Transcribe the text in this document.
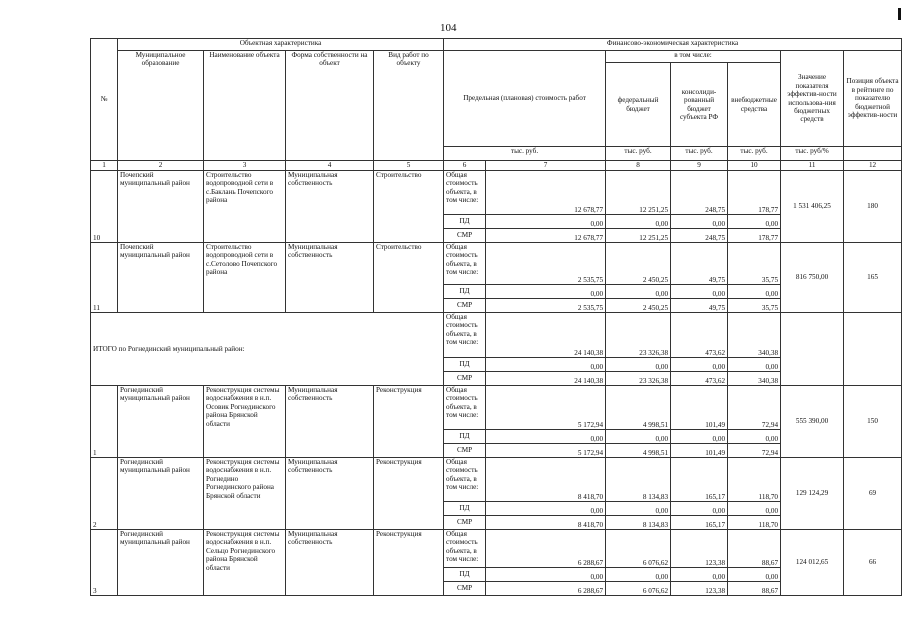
104
№	Объектная характеристика				Финансово-экономическая характеристика						
	Муниципальное образование	Наименование объекта	Форма собственности на объект	Вид работ по объекту	Предельная (плановая) стоимость работ		в том числе:			Значение показателя эффектив-ности использова-ния бюджетных средств	Позиция объекта в рейтинге по показателю бюджетной эффектив-ности
							федеральный бюджет	консолиди-рованный бюджет субъекта РФ	внебюджетные средства		
					тыс. руб.		тыс. руб.	тыс. руб.	тыс. руб.	тыс. руб/%	

1	2	3	4	5	6	7	8	9	10	11	12
10	Почепский муниципальный район	Строительство водопроводной сети в с.Баклань Почепского района	Муниципальная собственность	Строительство	Общая стоимость объекта, в том числе:	12 678,77	12 251,25	248,75	178,77	1 531 406,25	180
					ПД	0,00	0,00	0,00	0,00		
					СМР	12 678,77	12 251,25	248,75	178,77		
11	Почепский муниципальный район	Строительство водопроводной сети в с.Сетолово Почепского района	Муниципальная собственность	Строительство	Общая стоимость объекта, в том числе:	2 535,75	2 450,25	49,75	35,75	816 750,00	165
					ПД	0,00	0,00	0,00	0,00		
					СМР	2 535,75	2 450,25	49,75	35,75		
ИТОГО по Рогнединский муниципальный район:					Общая стоимость объекта, в том числе:	24 140,38	23 326,38	473,62	340,38		
					ПД	0,00	0,00	0,00	0,00		
					СМР	24 140,38	23 326,38	473,62	340,38		
1	Рогнединский муниципальный район	Реконструкция системы водоснабжения в н.п. Осовик Рогнединского района Брянской области	Муниципальная собственность	Реконструкция	Общая стоимость объекта, в том числе:	5 172,94	4 998,51	101,49	72,94	555 390,00	150
					ПД	0,00	0,00	0,00	0,00		
					СМР	5 172,94	4 998,51	101,49	72,94		
2	Рогнединский муниципальный район	Реконструкция системы водоснабжения в н.п. Рогнедино Рогнединского района Брянской области	Муниципальная собственность	Реконструкция	Общая стоимость объекта, в том числе:	8 418,70	8 134,83	165,17	118,70	129 124,29	69
					ПД	0,00	0,00	0,00	0,00		
					СМР	8 418,70	8 134,83	165,17	118,70		
3	Рогнединский муниципальный район	Реконструкция системы водоснабжения в н.п. Сельцо Рогнединского района Брянской области	Муниципальная собственность	Реконструкция	Общая стоимость объекта, в том числе:	6 288,67	6 076,62	123,38	88,67	124 012,65	66
					ПД	0,00	0,00	0,00	0,00		
					СМР	6 288,67	6 076,62	123,38	88,67		
